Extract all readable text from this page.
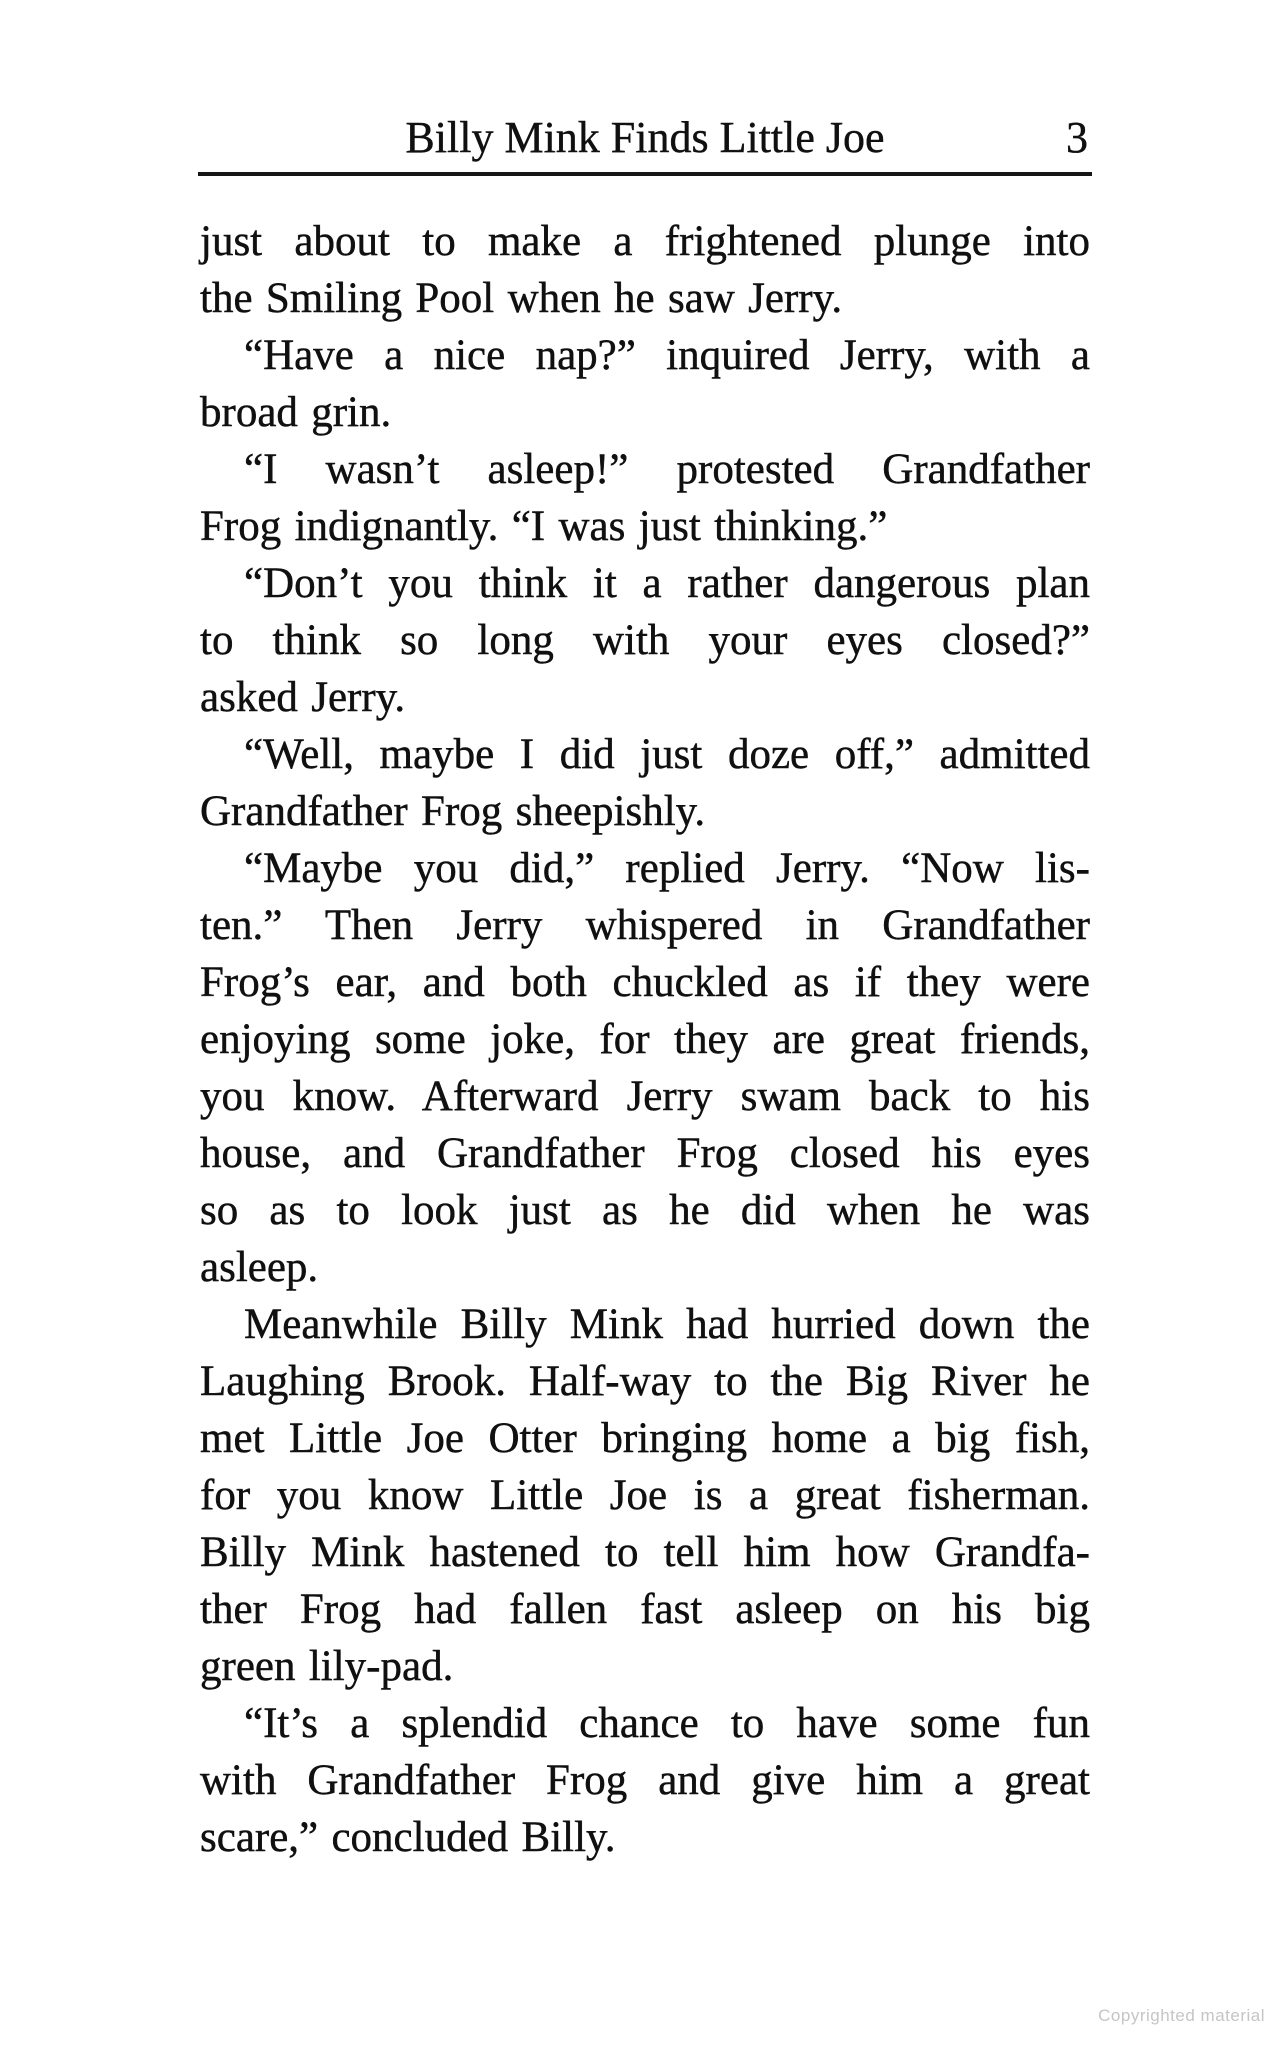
Billy Mink Finds Little Joe	3
just about to make a frightened plunge into
the Smiling Pool when he saw Jerry.
“Have a nice nap?” inquired Jerry, with a
broad grin.
“I wasn’t asleep!” protested Grandfather
Frog indignantly. “I was just thinking.”
“Don’t you think it a rather dangerous plan
to think so long with your eyes closed?”
asked Jerry.
“Well, maybe I did just doze off,” admitted
Grandfather Frog sheepishly.
“Maybe you did,” replied Jerry. “Now lis-
ten.” Then Jerry whispered in Grandfather
Frog’s ear, and both chuckled as if they were
enjoying some joke, for they are great friends,
you know. Afterward Jerry swam back to his
house, and Grandfather Frog closed his eyes
so as to look just as he did when he was
asleep.
Meanwhile Billy Mink had hurried down the
Laughing Brook. Half-way to the Big River he
met Little Joe Otter bringing home a big fish,
for you know Little Joe is a great fisherman.
Billy Mink hastened to tell him how Grandfa-
ther Frog had fallen fast asleep on his big
green lily-pad.
“It’s a splendid chance to have some fun
with Grandfather Frog and give him a great
scare,” concluded Billy.
Copyrighted material
